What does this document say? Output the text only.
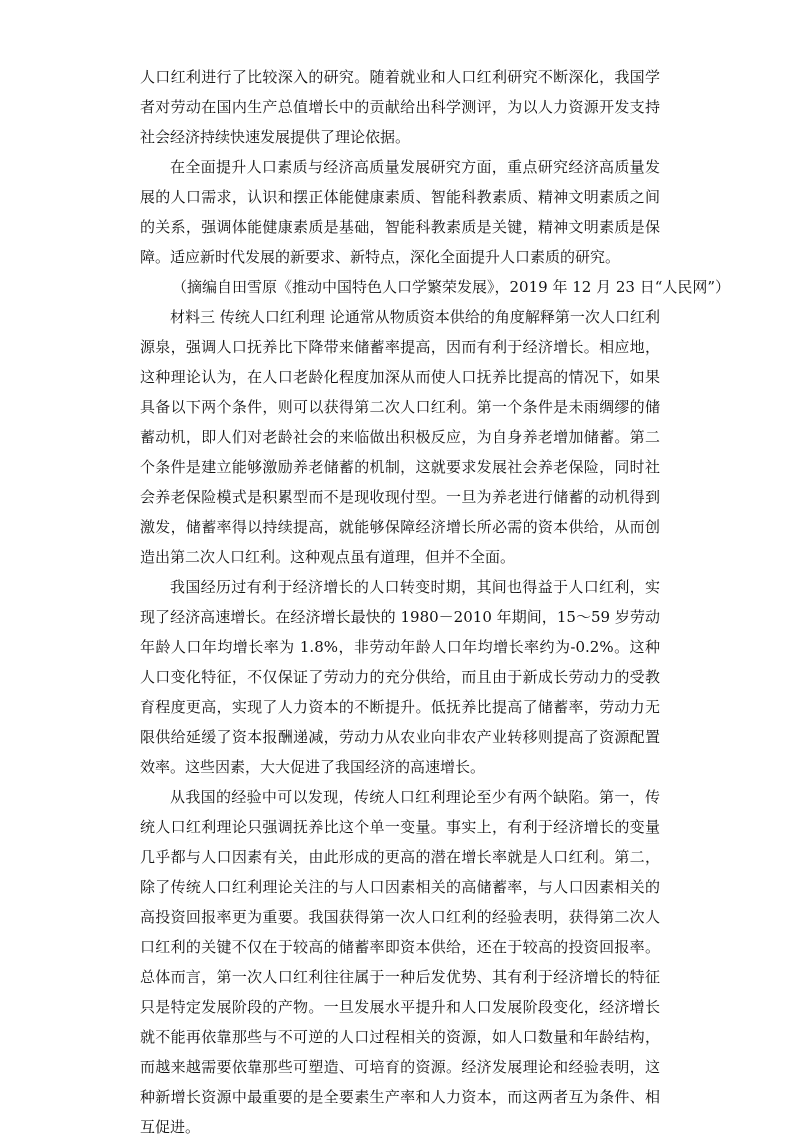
人口红利进行了比较深入的研究。随着就业和人口红利研究不断深化，我国学者对劳动在国内生产总值增长中的贡献给出科学测评，为以人力资源开发支持社会经济持续快速发展提供了理论依据。

在全面提升人口素质与经济高质量发展研究方面，重点研究经济高质量发展的人口需求，认识和摆正体能健康素质、智能科教素质、精神文明素质之间的关系，强调体能健康素质是基础，智能科教素质是关键，精神文明素质是保障。适应新时代发展的新要求、新特点，深化全面提升人口素质的研究。

（摘编自田雪原《推动中国特色人口学繁荣发展》，2019 年 12 月 23 日“人民网”）

材料三 传统人口红利理 论通常从物质资本供给的角度解释第一次人口红利源泉，强调人口抚养比下降带来储蓄率提高，因而有利于经济增长。相应地，这种理论认为，在人口老龄化程度加深从而使人口抚养比提高的情况下，如果具备以下两个条件，则可以获得第二次人口红利。第一个条件是未雨绸缪的储蓄动机，即人们对老龄社会的来临做出积极反应，为自身养老增加储蓄。第二个条件是建立能够激励养老储蓄的机制，这就要求发展社会养老保险，同时社会养老保险模式是积累型而不是现收现付型。一旦为养老进行储蓄的动机得到激发，储蓄率得以持续提高，就能够保障经济增长所必需的资本供给，从而创造出第二次人口红利。这种观点虽有道理，但并不全面。

我国经历过有利于经济增长的人口转变时期，其间也得益于人口红利，实现了经济高速增长。在经济增长最快的 1980－2010 年期间，15～59 岁劳动年龄人口年均增长率为 1.8%，非劳动年龄人口年均增长率约为-0.2%。这种人口变化特征，不仅保证了劳动力的充分供给，而且由于新成长劳动力的受教育程度更高，实现了人力资本的不断提升。低抚养比提高了储蓄率，劳动力无限供给延缓了资本报酬递减，劳动力从农业向非农产业转移则提高了资源配置效率。这些因素，大大促进了我国经济的高速增长。

从我国的经验中可以发现，传统人口红利理论至少有两个缺陷。第一，传统人口红利理论只强调抚养比这个单一变量。事实上，有利于经济增长的变量几乎都与人口因素有关，由此形成的更高的潜在增长率就是人口红利。第二，除了传统人口红利理论关注的与人口因素相关的高储蓄率，与人口因素相关的高投资回报率更为重要。我国获得第一次人口红利的经验表明，获得第二次人口红利的关键不仅在于较高的储蓄率即资本供给，还在于较高的投资回报率。总体而言，第一次人口红利往往属于一种后发优势、其有利于经济增长的特征只是特定发展阶段的产物。一旦发展水平提升和人口发展阶段变化，经济增长就不能再依靠那些与不可逆的人口过程相关的资源，如人口数量和年龄结构，而越来越需要依靠那些可塑造、可培育的资源。经济发展理论和经验表明，这种新增长资源中最重要的是全要素生产率和人力资本，而这两者互为条件、相互促进。
